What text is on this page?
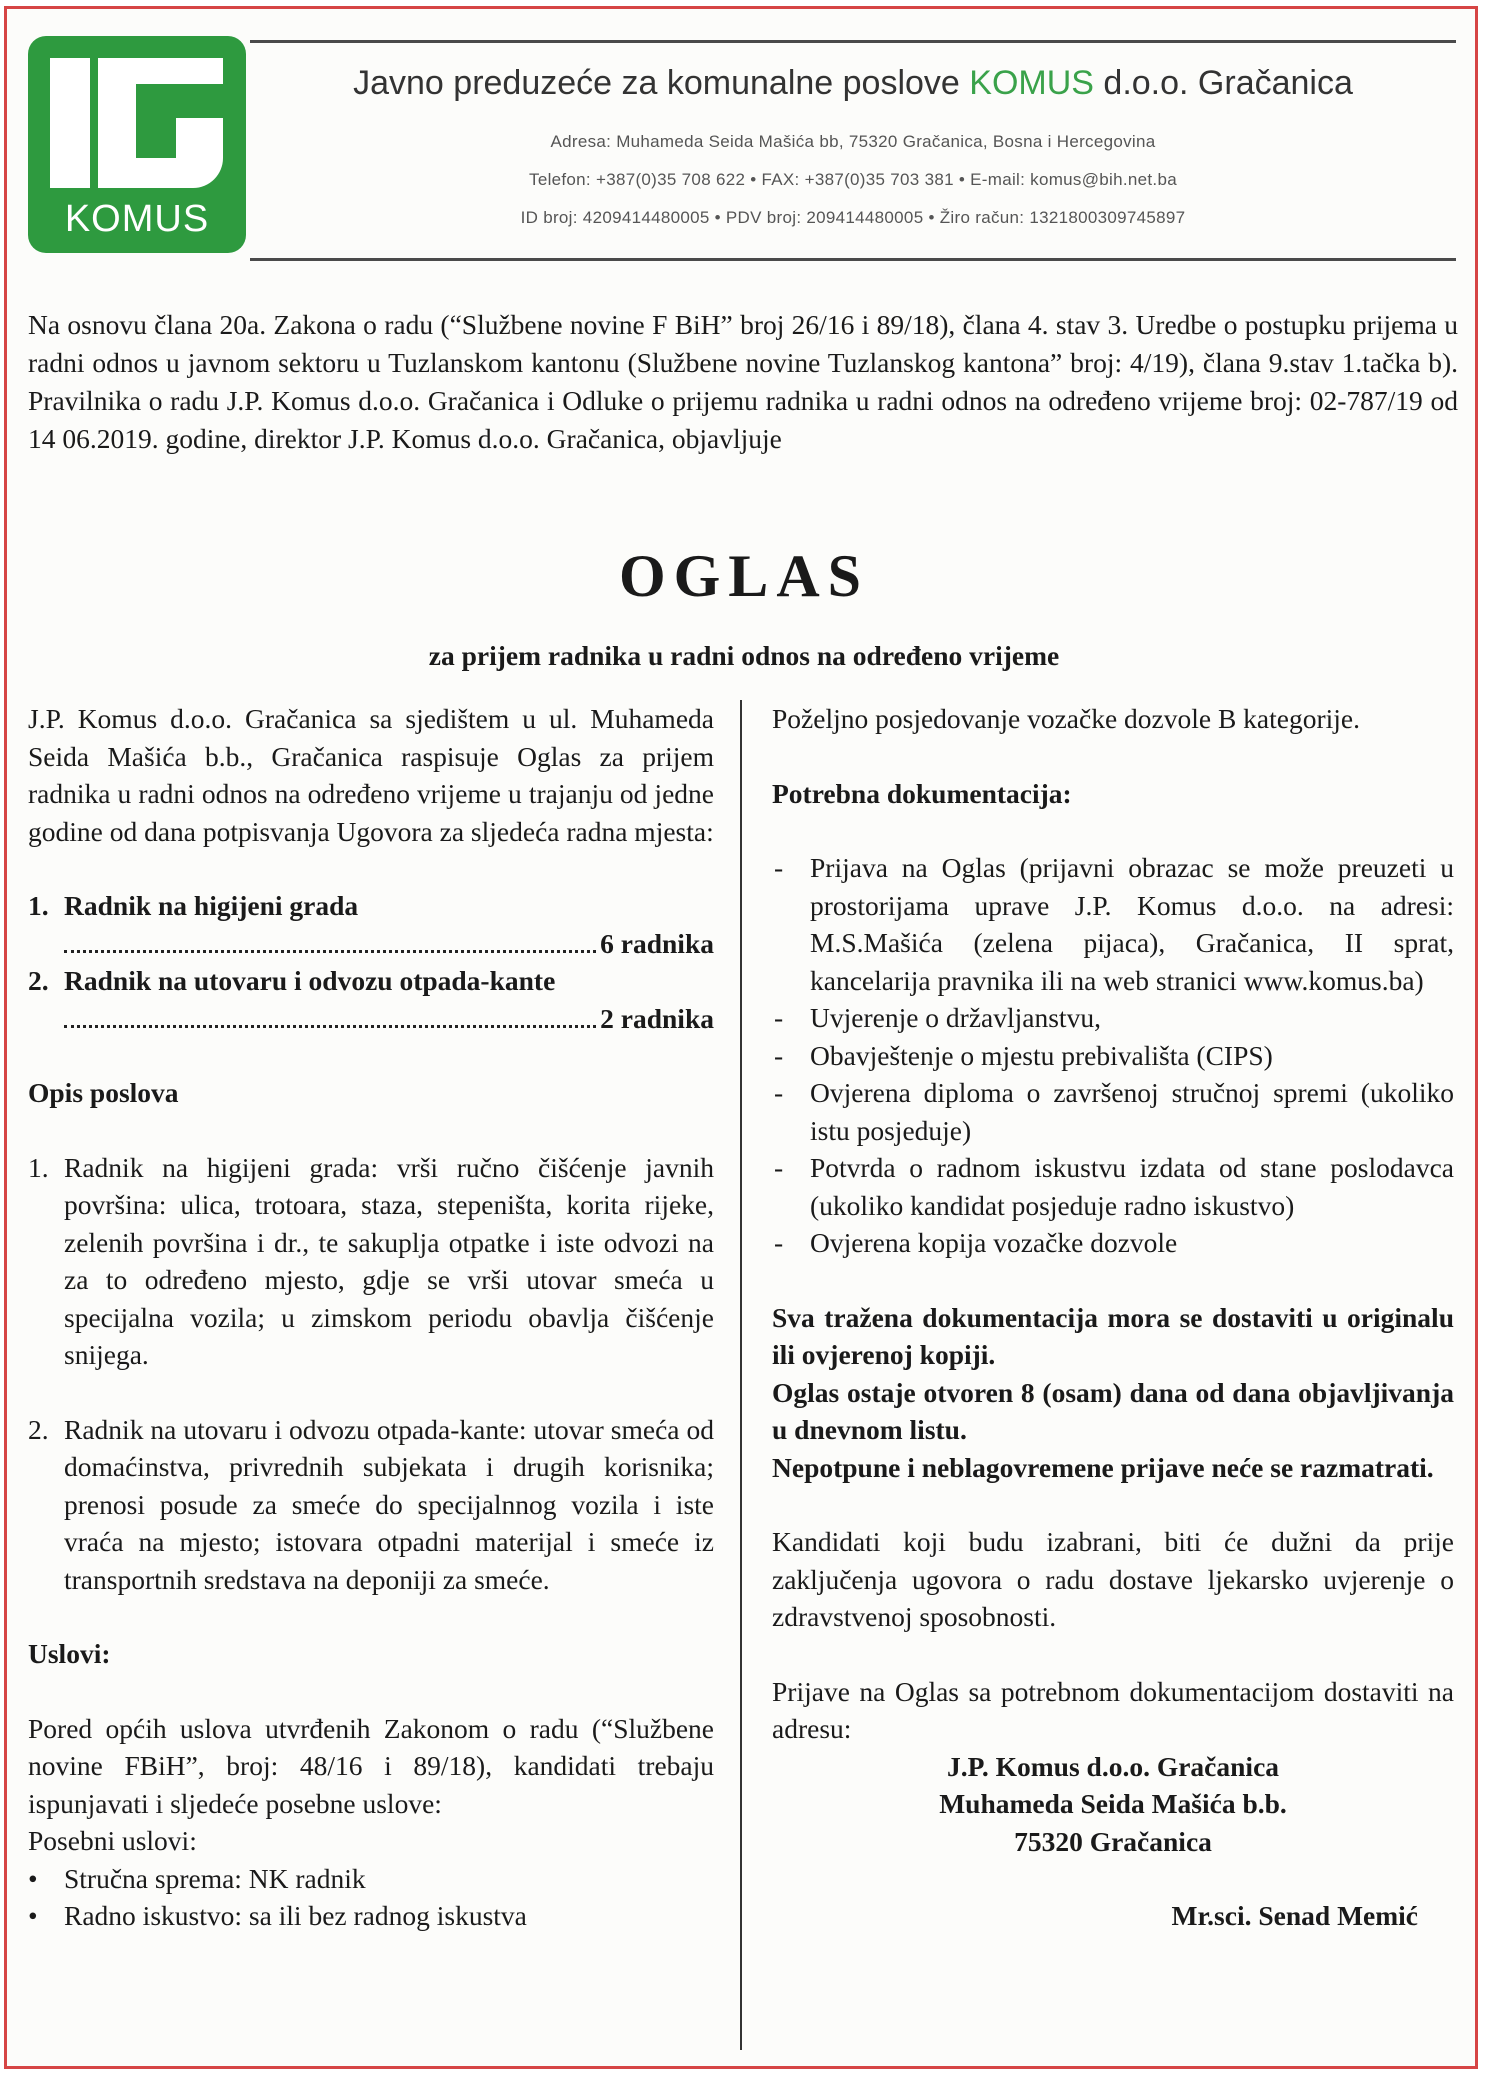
KOMUS
Javno preduzeće za komunalne poslove KOMUS d.o.o. Gračanica
Adresa: Muhameda Seida Mašića bb, 75320 Gračanica, Bosna i Hercegovina
Telefon: +387(0)35 708 622 • FAX: +387(0)35 703 381 • E-mail: komus@bih.net.ba
ID broj: 4209414480005 • PDV broj: 209414480005 • Žiro račun: 1321800309745897
Na osnovu člana 20a. Zakona o radu (“Službene novine F BiH” broj 26/16 i 89/18), člana 4. stav 3. Uredbe o postupku prijema u radni odnos u javnom sektoru u Tuzlanskom kantonu (Službene novine Tuzlanskog kantona” broj: 4/19), člana 9.stav 1.tačka b). Pravilnika o radu J.P. Komus d.o.o. Gračanica i Odluke o prijemu radnika u radni odnos na određeno vrijeme broj: 02-787/19 od 14 06.2019. godine, direktor J.P. Komus d.o.o. Gračanica, objavljuje
OGLAS
za prijem radnika u radni odnos na određeno vrijeme

J.P. Komus d.o.o. Gračanica sa sjedištem u ul. Muhameda Seida Mašića b.b., Gračanica raspisuje Oglas za prijem radnika u radni odnos na određeno vrijeme u trajanju od jedne godine od dana potpisvanja Ugovora za sljedeća radna mjesta:

1. Radnik na higijeni grada

6 radnika

2. Radnik na utovaru i odvozu otpada-kante

2 radnika

Opis poslova

1. Radnik na higijeni grada: vrši ručno čišćenje javnih površina: ulica, trotoara, staza, stepeništa, korita rijeke, zelenih površina i dr., te sakuplja otpatke i iste odvozi na za to određeno mjesto, gdje se vrši utovar smeća u specijalna vozila; u zimskom periodu obavlja čišćenje snijega.
2. Radnik na utovaru i odvozu otpada-kante: utovar smeća od domaćinstva, privrednih subjekata i drugih korisnika; prenosi posude za smeće do specijalnnog vozila i iste vraća na mjesto; istovara otpadni materijal i smeće iz transportnih sredstava na deponiji za smeće.

Uslovi:

Pored općih uslova utvrđenih Zakonom o radu (“Službene novine FBiH”, broj: 48/16 i 89/18), kandidati trebaju ispunjavati i sljedeće posebne uslove:

Posebni uslovi:

• Stručna sprema: NK radnik
• Radno iskustvo: sa ili bez radnog iskustva

Poželjno posjedovanje vozačke dozvole B kategorije.

Potrebna dokumentacija:

- Prijava na Oglas (prijavni obrazac se može preuzeti u prostorijama uprave J.P. Komus d.o.o. na adresi: M.S.Mašića (zelena pijaca), Gračanica, II sprat, kancelarija pravnika ili na web stranici www.komus.ba)
- Uvjerenje o državljanstvu,
- Obavještenje o mjestu prebivališta (CIPS)
- Ovjerena diploma o završenoj stručnoj spremi (ukoliko istu posjeduje)
- Potvrda o radnom iskustvu izdata od stane poslodavca (ukoliko kandidat posjeduje radno iskustvo)
- Ovjerena kopija vozačke dozvole

Sva tražena dokumentacija mora se dostaviti u originalu ili ovjerenoj kopiji.

Oglas ostaje otvoren 8 (osam) dana od dana objavljivanja u dnevnom listu.

Nepotpune i neblagovremene prijave neće se razmatrati.

Kandidati koji budu izabrani, biti će dužni da prije zaključenja ugovora o radu dostave ljekarsko uvjerenje o zdravstvenoj sposobnosti.

Prijave na Oglas sa potrebnom dokumentacijom dostaviti na adresu:

J.P. Komus d.o.o. Gračanica

Muhameda Seida Mašića b.b.

75320 Gračanica

Mr.sci. Senad Memić
